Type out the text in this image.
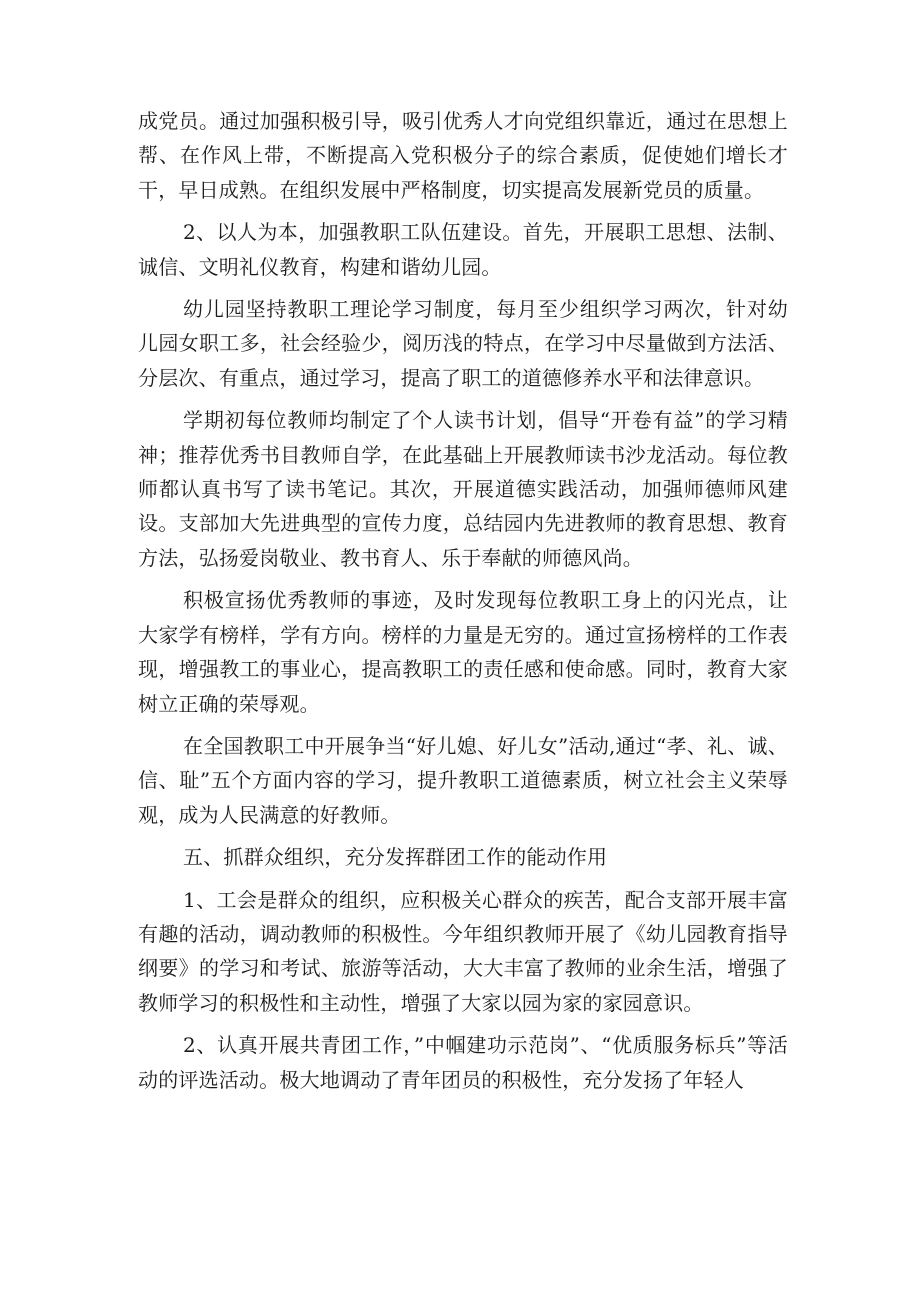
成党员。通过加强积极引导，吸引优秀人才向党组织靠近，通过在思想上帮、在作风上带，不断提高入党积极分子的综合素质，促使她们增长才干，早日成熟。在组织发展中严格制度，切实提高发展新党员的质量。

2、以人为本，加强教职工队伍建设。首先，开展职工思想、法制、诚信、文明礼仪教育，构建和谐幼儿园。

幼儿园坚持教职工理论学习制度，每月至少组织学习两次，针对幼儿园女职工多，社会经验少，阅历浅的特点，在学习中尽量做到方法活、分层次、有重点，通过学习，提高了职工的道德修养水平和法律意识。

学期初每位教师均制定了个人读书计划，倡导“开卷有益”的学习精神；推荐优秀书目教师自学，在此基础上开展教师读书沙龙活动。每位教师都认真书写了读书笔记。其次，开展道德实践活动，加强师德师风建设。支部加大先进典型的宣传力度，总结园内先进教师的教育思想、教育方法，弘扬爱岗敬业、教书育人、乐于奉献的师德风尚。

积极宣扬优秀教师的事迹，及时发现每位教职工身上的闪光点，让大家学有榜样，学有方向。榜样的力量是无穷的。通过宣扬榜样的工作表现，增强教工的事业心，提高教职工的责任感和使命感。同时，教育大家树立正确的荣辱观。

在全国教职工中开展争当“好儿媳、好儿女”活动,通过“孝、礼、诚、信、耻”五个方面内容的学习，提升教职工道德素质，树立社会主义荣辱观，成为人民满意的好教师。

五、抓群众组织，充分发挥群团工作的能动作用

1、工会是群众的组织，应积极关心群众的疾苦，配合支部开展丰富有趣的活动，调动教师的积极性。今年组织教师开展了《幼儿园教育指导纲要》的学习和考试、旅游等活动，大大丰富了教师的业余生活，增强了教师学习的积极性和主动性，增强了大家以园为家的家园意识。

2、认真开展共青团工作，”中帼建功示范岗”、“优质服务标兵”等活动的评选活动。极大地调动了青年团员的积极性，充分发扬了年轻人
